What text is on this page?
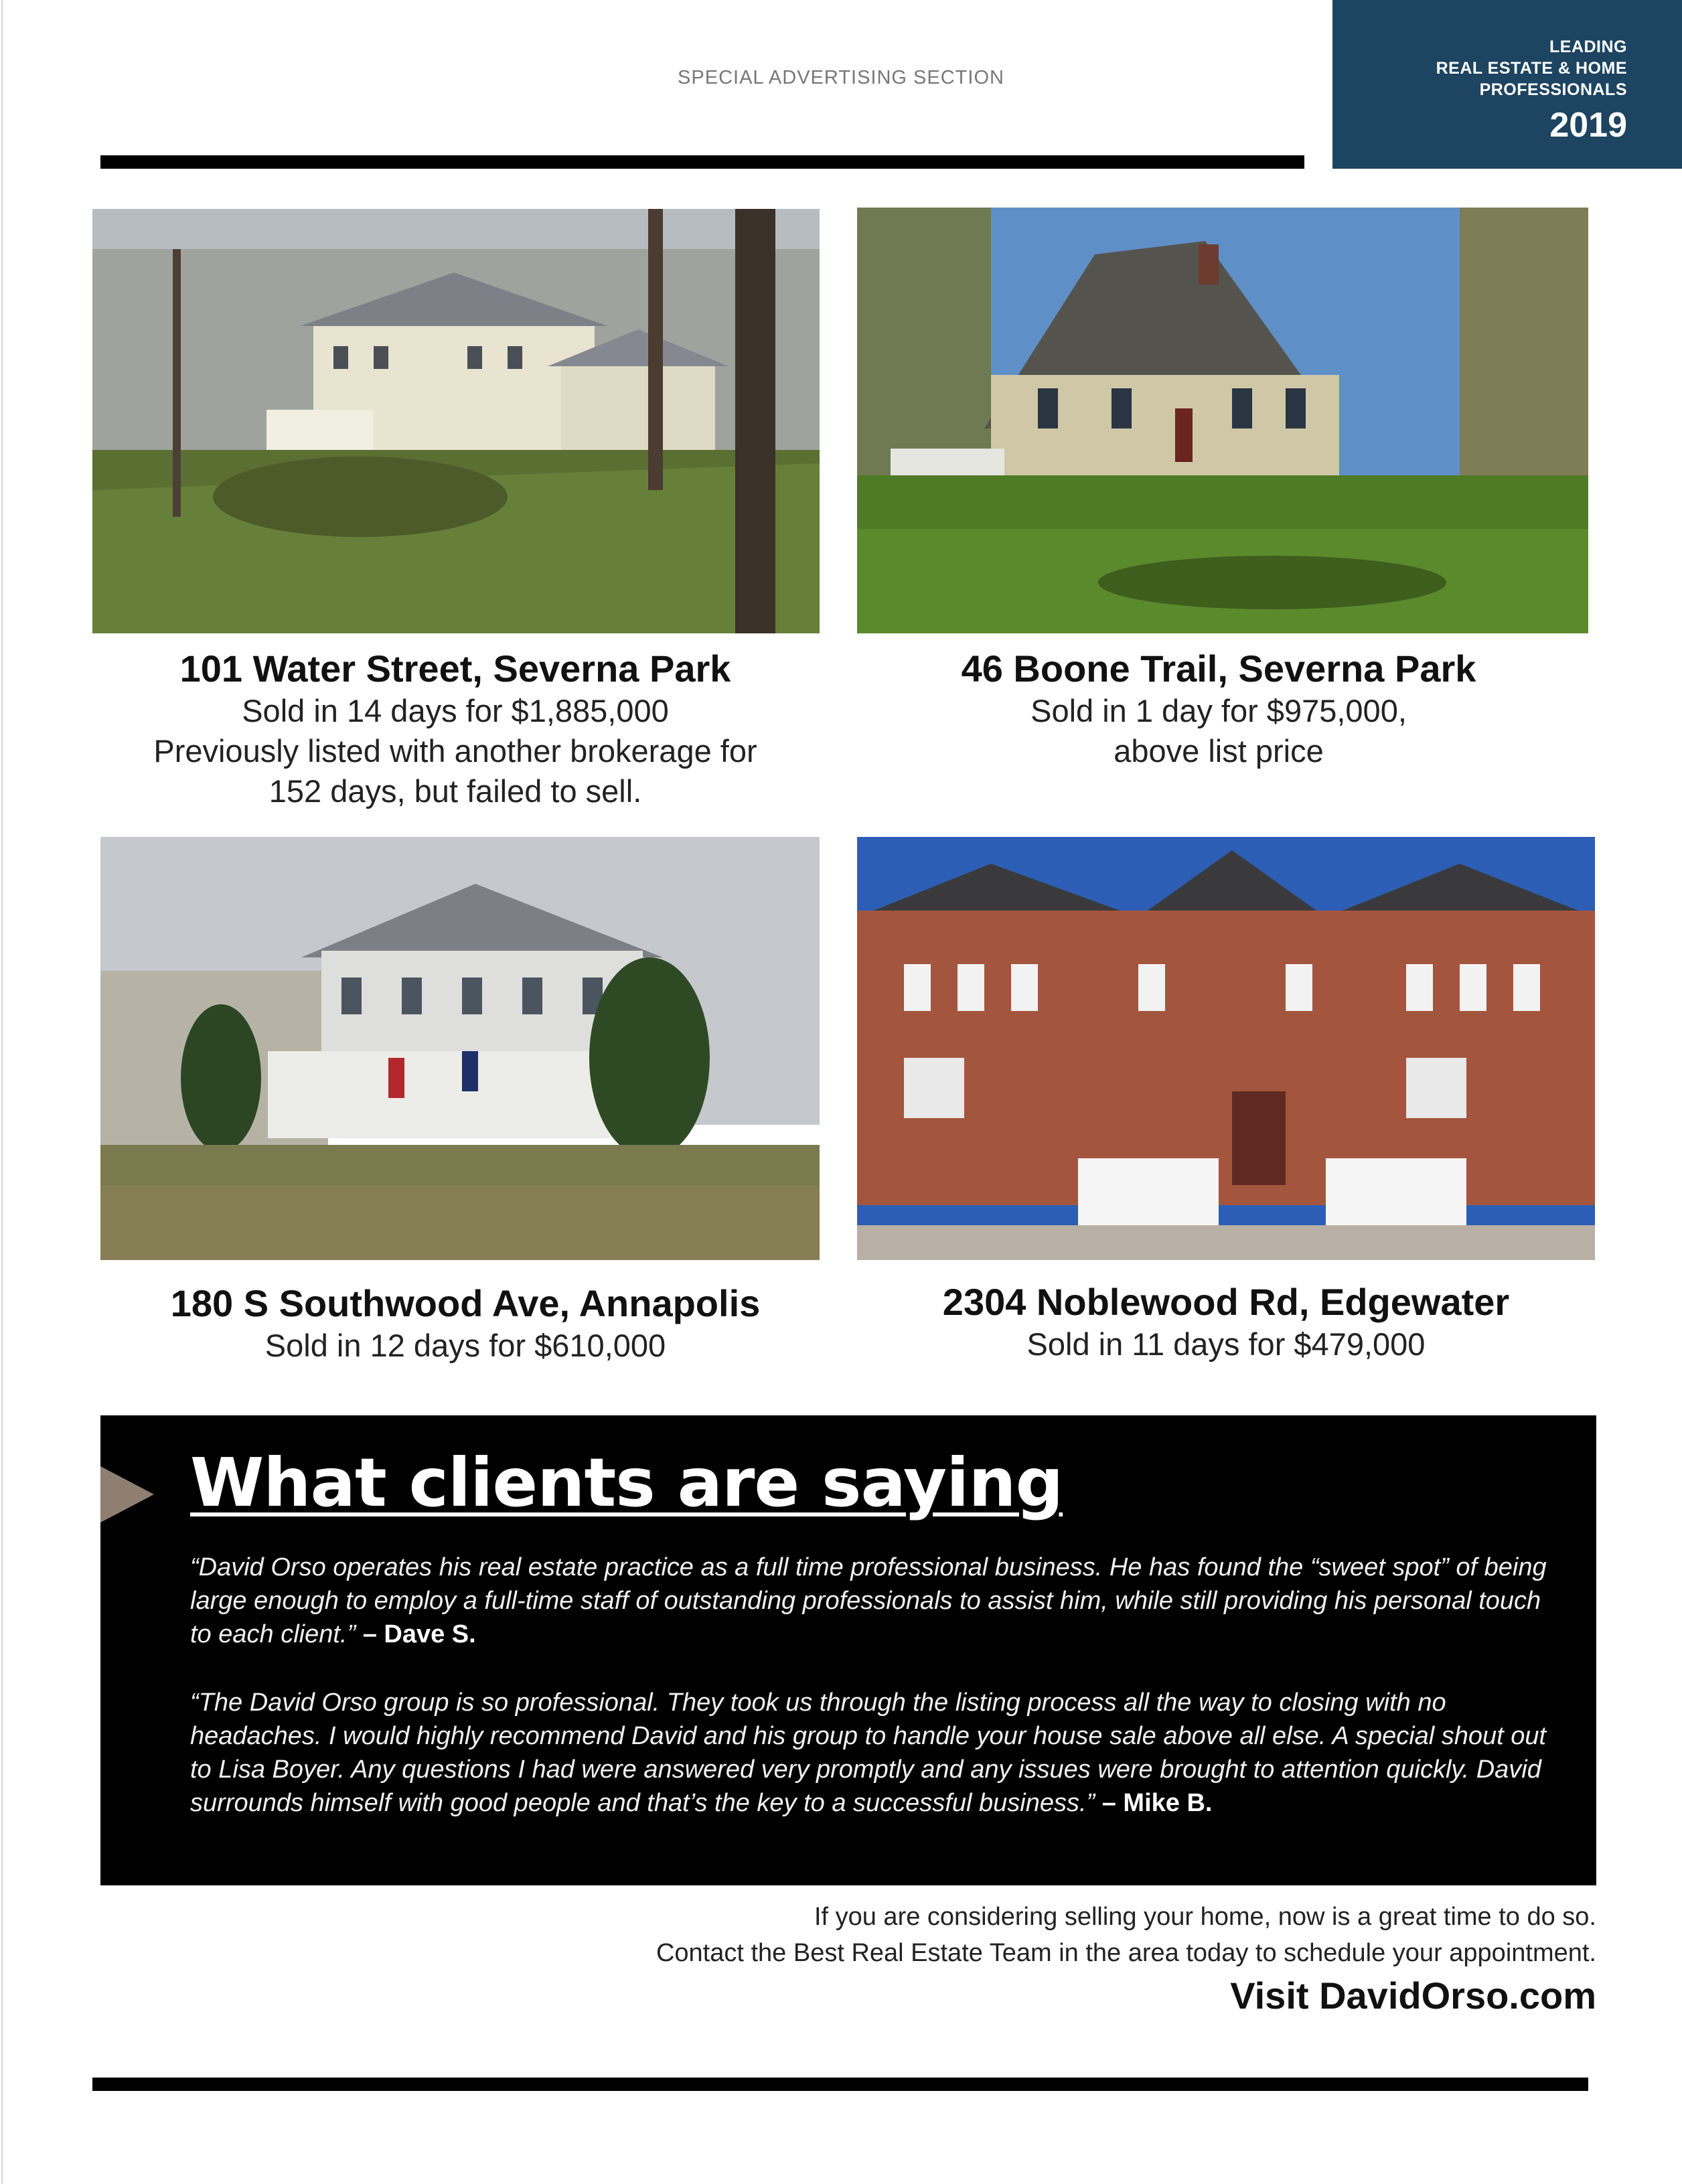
SPECIAL ADVERTISING SECTION
LEADING
REAL ESTATE & HOME
PROFESSIONALS
2019
101 Water Street, Severna Park
Sold in 14 days for $1,885,000
Previously listed with another brokerage for
152 days, but failed to sell.
46 Boone Trail, Severna Park
Sold in 1 day for $975,000,
above list price
180 S Southwood Ave, Annapolis
Sold in 12 days for $610,000
2304 Noblewood Rd, Edgewater
Sold in 11 days for $479,000
What clients are saying
“David Orso operates his real estate practice as a full time professional business. He has found the “sweet spot” of being large enough to employ a full-time staff of outstanding professionals to assist him, while still providing his personal touch to each client.” – Dave S.
“The David Orso group is so professional. They took us through the listing process all the way to closing with no headaches. I would highly recommend David and his group to handle your house sale above all else. A special shout out to Lisa Boyer. Any questions I had were answered very promptly and any issues were brought to attention quickly. David surrounds himself with good people and that’s the key to a successful business.” – Mike B.
If you are considering selling your home, now is a great time to do so.
Contact the Best Real Estate Team in the area today to schedule your appointment.
Visit DavidOrso.com
